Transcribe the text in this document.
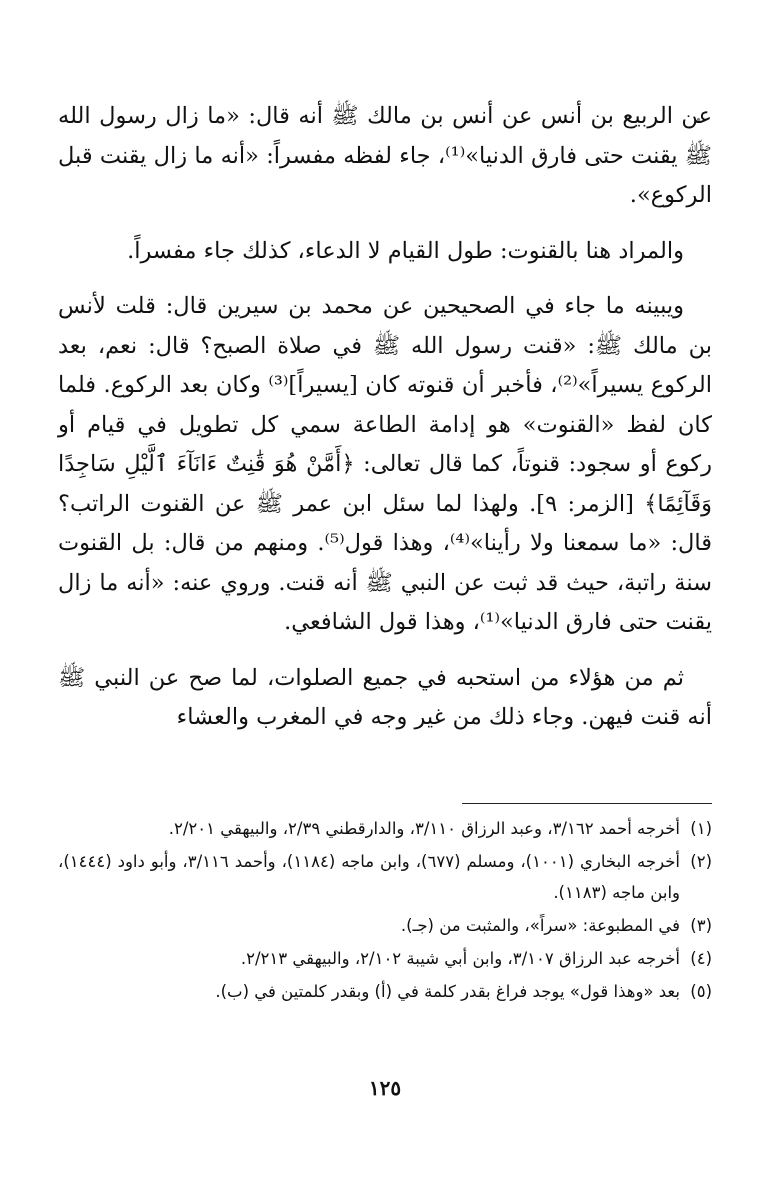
عن الربيع بن أنس عن أنس بن مالك ﷺ أنه قال: «ما زال رسول الله ﷺ يقنت حتى فارق الدنيا»⁽¹⁾، جاء لفظه مفسراً: «أنه ما زال يقنت قبل الركوع».

والمراد هنا بالقنوت: طول القيام لا الدعاء، كذلك جاء مفسراً.

ويبينه ما جاء في الصحيحين عن محمد بن سيرين قال: قلت لأنس بن مالك ﷺ: «قنت رسول الله ﷺ في صلاة الصبح؟ قال: نعم، بعد الركوع يسيراً»⁽²⁾، فأخبر أن قنوته كان [يسيراً]⁽³⁾ وكان بعد الركوع. فلما كان لفظ «القنوت» هو إدامة الطاعة سمي كل تطويل في قيام أو ركوع أو سجود: قنوتاً، كما قال تعالى: ﴿أَمَّنْ هُوَ قَٰنِتٌ ءَانَآءَ ٱلَّيْلِ سَاجِدًا وَقَآئِمًا﴾ [الزمر: ٩]. ولهذا لما سئل ابن عمر ﷺ عن القنوت الراتب؟ قال: «ما سمعنا ولا رأينا»⁽⁴⁾، وهذا قول⁽⁵⁾. ومنهم من قال: بل القنوت سنة راتبة، حيث قد ثبت عن النبي ﷺ أنه قنت. وروي عنه: «أنه ما زال يقنت حتى فارق الدنيا»⁽¹⁾، وهذا قول الشافعي.

ثم من هؤلاء من استحبه في جميع الصلوات، لما صح عن النبي ﷺ أنه قنت فيهن. وجاء ذلك من غير وجه في المغرب والعشاء

(١)
أخرجه أحمد ٣/١٦٢، وعبد الرزاق ٣/١١٠، والدارقطني ٢/٣٩، والبيهقي ٢/٢٠١.
(٢)
أخرجه البخاري (١٠٠١)، ومسلم (٦٧٧)، وابن ماجه (١١٨٤)، وأحمد ٣/١١٦، وأبو داود (١٤٤٤)، وابن ماجه (١١٨٣).
(٣)
في المطبوعة: «سراً»، والمثبت من (جـ).
(٤)
أخرجه عبد الرزاق ٣/١٠٧، وابن أبي شيبة ٢/١٠٢، والبيهقي ٢/٢١٣.
(٥)
بعد «وهذا قول» يوجد فراغ بقدر كلمة في (أ) وبقدر كلمتين في (ب).
١٢٥
